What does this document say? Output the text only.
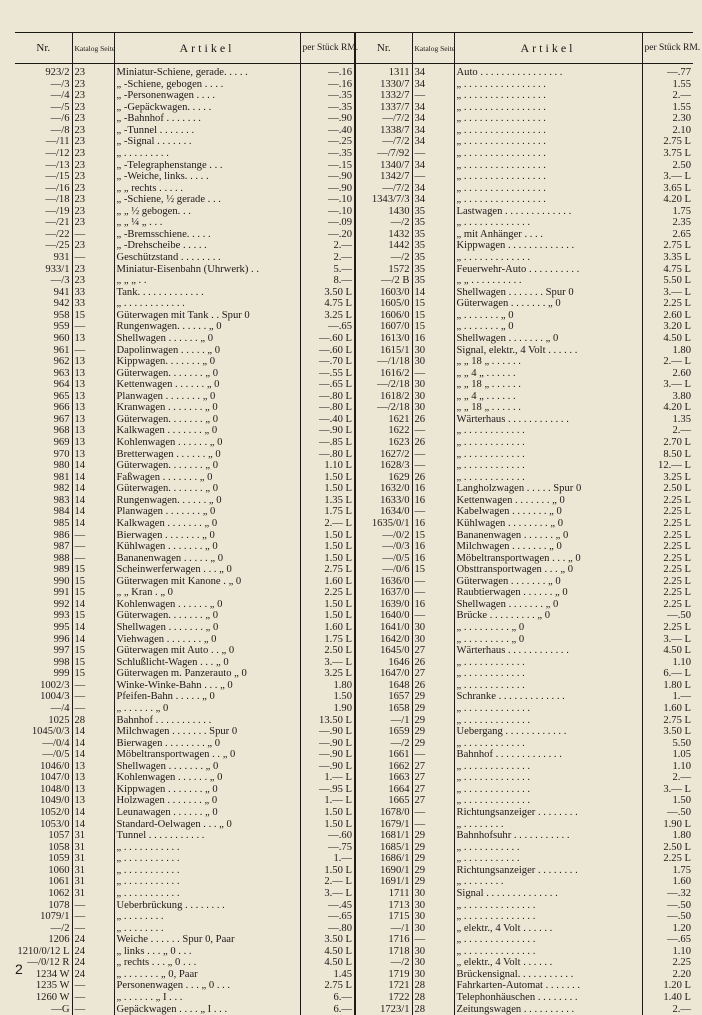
Nr.	Katalog Seite	Artikel	per Stück RM.	Nr.	Katalog Seite	Artikel	per Stück RM.
923/2	23	Miniatur-Schiene, gerade. . . . .	—.16	1311	34	Auto . . . . . . . . . . . . . . . .	—.77
—/3	23	„ -Schiene, gebogen . . . .	—.16	1330/7	34	„ . . . . . . . . . . . . . . . .	1.55
—/4	23	„ -Personenwagen . . . .	—.35	1332/7	—	„ . . . . . . . . . . . . . . . .	2.—
—/5	23	„ -Gepäckwagen. . . . .	—.35	1337/7	34	„ . . . . . . . . . . . . . . . .	1.55
—/6	23	„ -Bahnhof . . . . . . .	—.90	—/7/2	34	„ . . . . . . . . . . . . . . . .	2.30
—/8	23	„ -Tunnel . . . . . . .	—.40	1338/7	34	„ . . . . . . . . . . . . . . . .	2.10
—/11	23	„ -Signal . . . . . . .	—.25	—/7/2	34	„ . . . . . . . . . . . . . . . .	2.75 L
—/12	23	„ . . . . . . . . .	—.35	—/7/92	—	„ . . . . . . . . . . . . . . . .	3.75 L
—/13	23	„ -Telegraphenstange . . .	—.15	1340/7	34	„ . . . . . . . . . . . . . . . .	2.50
—/15	23	„ -Weiche, links. . . . .	—.90	1342/7	—	„ . . . . . . . . . . . . . . . .	3.— L
—/16	23	„ „ rechts . . . . .	—.90	—/7/2	34	„ . . . . . . . . . . . . . . . .	3.65 L
—/18	23	„ -Schiene, ½ gerade . . .	—.10	1343/7/3	34	„ . . . . . . . . . . . . . . . .	4.20 L
—/19	23	„ „ ½ gebogen. . .	—.10	1430	35	Lastwagen . . . . . . . . . . . . .	1.75
—/21	23	„ „ ¼ „ . . .	—.09	—/2	35	„ . . . . . . . . . . . . .	2.35
—/22	—	„ -Bremsschiene. . . . .	—.20	1432	35	„ mit Anhänger . . . .	2.65
—/25	23	„ -Drehscheibe . . . . .	2.—	1442	35	Kippwagen . . . . . . . . . . . . .	2.75 L
931	—	Geschützstand . . . . . . . .	2.—	—/2	35	„ . . . . . . . . . . . . .	3.35 L
933/1	23	Miniatur-Eisenbahn (Uhrwerk) . .	5.—	1572	35	Feuerwehr-Auto . . . . . . . . . .	4.75 L
—/3	23	„ „ „ . .	8.—	—/2 B	35	„ „ . . . . . . . . . .	5.50 L
941	33	Tank. . . . . . . . . . . . .	3.50 L	1603/0	14	Shellwagen . . . . . . . Spur 0	3.— L
942	33	„ . . . . . . . . . . . .	4.75 L	1605/0	15	Güterwagen . . . . . . . „ 0	2.25 L
958	15	Güterwagen mit Tank . . Spur 0	3.25 L	1606/0	15	„ . . . . . . . „ 0	2.60 L
959	—	Rungenwagen. . . . . . „ 0	—.65	1607/0	15	„ . . . . . . . „ 0	3.20 L
960	13	Shellwagen . . . . . . „ 0	—.60 L	1613/0	16	Shellwagen . . . . . . . „ 0	4.50 L
961	—	Dapolinwagen . . . . . „ 0	—.60 L	1615/1	30	Signal, elektr., 4 Volt . . . . . .	1.80
962	13	Kippwagen. . . . . . . „ 0	—.70 L	—/1/18	30	„ „ 18 „ . . . . . .	2.— L
963	13	Güterwagen. . . . . . . „ 0	—.55 L	1616/2	—	„ „ 4 „ . . . . . .	2.60
964	13	Kettenwagen . . . . . . „ 0	—.65 L	—/2/18	30	„ „ 18 „ . . . . . .	3.— L
965	13	Planwagen . . . . . . . „ 0	—.80 L	1618/2	30	„ „ 4 „ . . . . . .	3.80
966	13	Kranwagen . . . . . . . „ 0	—.80 L	—/2/18	30	„ „ 18 „ . . . . . .	4.20 L
967	13	Güterwagen. . . . . . . „ 0	—.40 L	1621	26	Wärterhaus . . . . . . . . . . . .	1.35
968	13	Kalkwagen . . . . . . . „ 0	—.90 L	1622	—	„ . . . . . . . . . . . .	2.—
969	13	Kohlenwagen . . . . . . „ 0	—.85 L	1623	26	„ . . . . . . . . . . . .	2.70 L
970	13	Bretterwagen . . . . . . „ 0	—.80 L	1627/2	—	„ . . . . . . . . . . . .	8.50 L
980	14	Güterwagen. . . . . . . „ 0	1.10 L	1628/3	—	„ . . . . . . . . . . . .	12.— L
981	14	Faßwagen . . . . . . . „ 0	1.50 L	1629	26	„ . . . . . . . . . . . .	3.25 L
982	14	Güterwagen. . . . . . . „ 0	1.50 L	1632/0	16	Langholzwagen . . . . . Spur 0	2.50 L
983	14	Rungenwagen. . . . . . „ 0	1.35 L	1633/0	16	Kettenwagen . . . . . . . „ 0	2.25 L
984	14	Planwagen . . . . . . . „ 0	1.75 L	1634/0	—	Kabelwagen . . . . . . . „ 0	2.25 L
985	14	Kalkwagen . . . . . . . „ 0	2.— L	1635/0/1	16	Kühlwagen . . . . . . . . „ 0	2.25 L
986	—	Bierwagen . . . . . . . „ 0	1.50 L	—/0/2	15	Bananenwagen . . . . . . „ 0	2.25 L
987	—	Kühlwagen . . . . . . . „ 0	1.50 L	—/0/3	16	Milchwagen . . . . . . . „ 0	2.25 L
988	—	Bananenwagen . . . . . „ 0	1.50 L	—/0/5	16	Möbeltransportwagen . . . „ 0	2.25 L
989	15	Scheinwerferwagen . . . „ 0	2.75 L	—/0/6	15	Obsttransportwagen . . . „ 0	2.25 L
990	15	Güterwagen mit Kanone . „ 0	1.60 L	1636/0	—	Güterwagen . . . . . . . „ 0	2.25 L
991	15	„ „ Kran . „ 0	2.25 L	1637/0	—	Raubtierwagen . . . . . . „ 0	2.25 L
992	14	Kohlenwagen . . . . . . „ 0	1.50 L	1639/0	16	Shellwagen . . . . . . . „ 0	2.25 L
993	15	Güterwagen. . . . . . . „ 0	1.50 L	1640/0	—	Brücke . . . . . . . . . „ 0	—.50
995	14	Shellwagen . . . . . . . „ 0	1.60 L	1641/0	30	„ . . . . . . . . . „ 0	2.25 L
996	14	Viehwagen . . . . . . . „ 0	1.75 L	1642/0	30	„ . . . . . . . . . „ 0	3.— L
997	15	Güterwagen mit Auto . . „ 0	2.50 L	1645/0	27	Wärterhaus . . . . . . . . . . . .	4.50 L
998	15	Schlußlicht-Wagen . . . „ 0	3.— L	1646	26	„ . . . . . . . . . . . .	1.10
999	15	Güterwagen m. Panzerauto „ 0	3.25 L	1647/0	27	„ . . . . . . . . . . . .	6.— L
1002/3	—	Winke-Winke-Bahn . . . „ 0	1.80	1648	26	„ . . . . . . . . . . . .	1.80 L
1004/3	—	Pfeifen-Bahn . . . . . „ 0	1.50	1657	29	Schranke . . . . . . . . . . . . .	1.—
—/4	—	„ . . . . . . „ 0	1.90	1658	29	„ . . . . . . . . . . . . .	1.60 L
1025	28	Bahnhof . . . . . . . . . . .	13.50 L	—/1	29	„ . . . . . . . . . . . . .	2.75 L
1045/0/3	14	Milchwagen . . . . . . . Spur 0	—.90 L	1659	29	Uebergang . . . . . . . . . . . .	3.50 L
—/0/4	14	Bierwagen . . . . . . . . „ 0	—.90 L	—/2	29	„ . . . . . . . . . . . .	5.50
—/0/5	14	Möbeltransportwagen . . „ 0	—.90 L	1661	—	Bahnhof . . . . . . . . . . . . .	1.05
1046/0	13	Shellwagen . . . . . . . „ 0	—.90 L	1662	27	„ . . . . . . . . . . . . .	1.10
1047/0	13	Kohlenwagen . . . . . . „ 0	1.— L	1663	27	„ . . . . . . . . . . . . .	2.—
1048/0	13	Kippwagen . . . . . . . „ 0	—.95 L	1664	27	„ . . . . . . . . . . . . .	3.— L
1049/0	13	Holzwagen . . . . . . . „ 0	1.— L	1665	27	„ . . . . . . . . . . . . .	1.50
1052/0	14	Leunawagen . . . . . . „ 0	1.50 L	1678/0	—	Richtungsanzeiger . . . . . . . .	—.50
1053/0	14	Standard-Oelwagen . . . „ 0	1.50 L	1679/1	—	„ . . . . . . . .	1.90 L
1057	31	Tunnel . . . . . . . . . . .	—.60	1681/1	29	Bahnhofsuhr . . . . . . . . . . .	1.80
1058	31	„ . . . . . . . . . . .	—.75	1685/1	29	„ . . . . . . . . . . .	2.50 L
1059	31	„ . . . . . . . . . . .	1.—	1686/1	29	„ . . . . . . . . . . .	2.25 L
1060	31	„ . . . . . . . . . . .	1.50 L	1690/1	29	Richtungsanzeiger . . . . . . . .	1.75
1061	31	„ . . . . . . . . . . .	2.— L	1691/1	29	„ . . . . . . . .	1.60
1062	31	„ . . . . . . . . . . .	3.— L	1711	30	Signal . . . . . . . . . . . . . .	—.32
1078	—	Ueberbrückung . . . . . . . .	—.45	1713	30	„ . . . . . . . . . . . . . .	—.50
1079/1	—	„ . . . . . . . .	—.65	1715	30	„ . . . . . . . . . . . . . .	—.50
—/2	—	„ . . . . . . . .	—.80	—/1	30	„ elektr., 4 Volt . . . . . .	1.20
1206	24	Weiche . . . . . . Spur 0, Paar	3.50 L	1716	—	„ . . . . . . . . . . . . . .	—.65
1210/0/12 L	24	„ links . . . „ 0 . . .	4.50 L	1718	30	„ . . . . . . . . . . . . . .	1.10
—/0/12 R	24	„ rechts . . . „ 0 . . .	4.50 L	—/2	30	„ elektr., 4 Volt . . . . . .	2.25
1234 W	24	„ . . . . . . . „ 0, Paar	1.45	1719	30	Brückensignal. . . . . . . . . . .	2.20
1235 W	—	Personenwagen . . . „ 0 . . .	2.75 L	1721	28	Fahrkarten-Automat . . . . . . .	1.20 L
1260 W	—	„ . . . . . . „ I . . .	6.—	1722	28	Telephonhäuschen . . . . . . . .	1.40 L
—G	—	Gepäckwagen . . . . „ I . . .	6.—	1723/1	28	Zeitungswagen . . . . . . . . . .	2.—
2
